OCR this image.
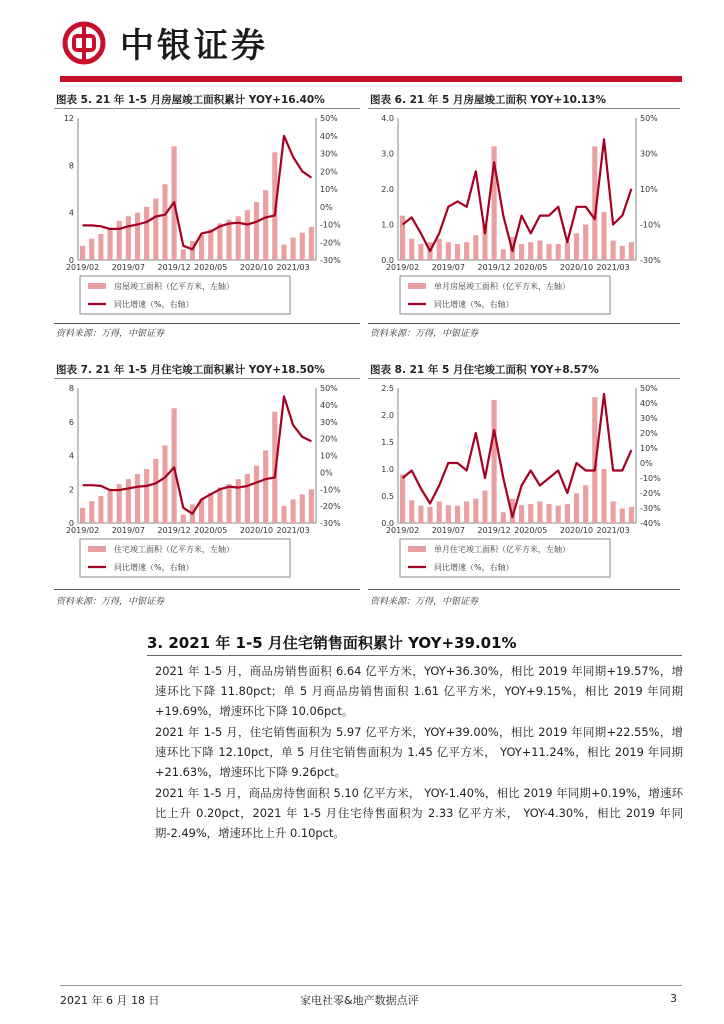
中银证券
图表 5. 21 年 1-5 月房屋竣工面积累计 YOY+16.40%
0
4
8
12
-30%
-20%
-10%
0%
10%
20%
30%
40%
50%
2019/02 2019/07 2019/12 2020/05 2020/10 2021/03
房屋竣工面积（亿平方米，左轴）
同比增速（%，右轴）
资料来源：万得，中银证券
图表 6. 21 年 5 月房屋竣工面积 YOY+10.13%
0.0
1.0
2.0
3.0
4.0
-30%
-10%
10%
30%
50%
2019/02 2019/07 2019/12 2020/05 2020/10 2021/03
单月房屋竣工面积（亿平方米，左轴）
同比增速（%，右轴）
资料来源：万得，中银证券
图表 7. 21 年 1-5 月住宅竣工面积累计 YOY+18.50%
0
2
4
6
8
-30%
-20%
-10%
0%
10%
20%
30%
40%
50%
2019/02 2019/07 2019/12 2020/05 2020/10 2021/03
住宅竣工面积（亿平方米，左轴）
同比增速（%，右轴）
资料来源：万得，中银证券
图表 8. 21 年 5 月住宅竣工面积 YOY+8.57%
0.0
0.5
1.0
1.5
2.0
2.5
-40%
-30%
-20%
-10%
0%
10%
20%
30%
40%
50%
2019/02 2019/07 2019/12 2020/05 2020/10 2021/03
单月住宅竣工面积（亿平方米，左轴）
同比增速（%，右轴）
资料来源：万得，中银证券
3. 2021 年 1-5 月住宅销售面积累计 YOY+39.01%

2021 年 1-5 月，商品房销售面积 6.64 亿平方米，YOY+36.30%，相比 2019 年同期+19.57%，增速环比下降 11.80pct；单 5 月商品房销售面积 1.61 亿平方米，YOY+9.15%，相比 2019 年同期+19.69%，增速环比下降 10.06pct。

2021 年 1-5 月，住宅销售面积为 5.97 亿平方米，YOY+39.00%，相比 2019 年同期+22.55%，增速环比下降 12.10pct，单 5 月住宅销售面积为 1.45 亿平方米， YOY+11.24%，相比 2019 年同期+21.63%，增速环比下降 9.26pct。

2021 年 1-5 月，商品房待售面积 5.10 亿平方米， YOY-1.40%，相比 2019 年同期+0.19%，增速环比上升 0.20pct，2021 年 1-5 月住宅待售面积为 2.33 亿平方米， YOY-4.30%，相比 2019 年同期-2.49%，增速环比上升 0.10pct。

2021 年 6 月 18 日	家电社零&地产数据点评	3
